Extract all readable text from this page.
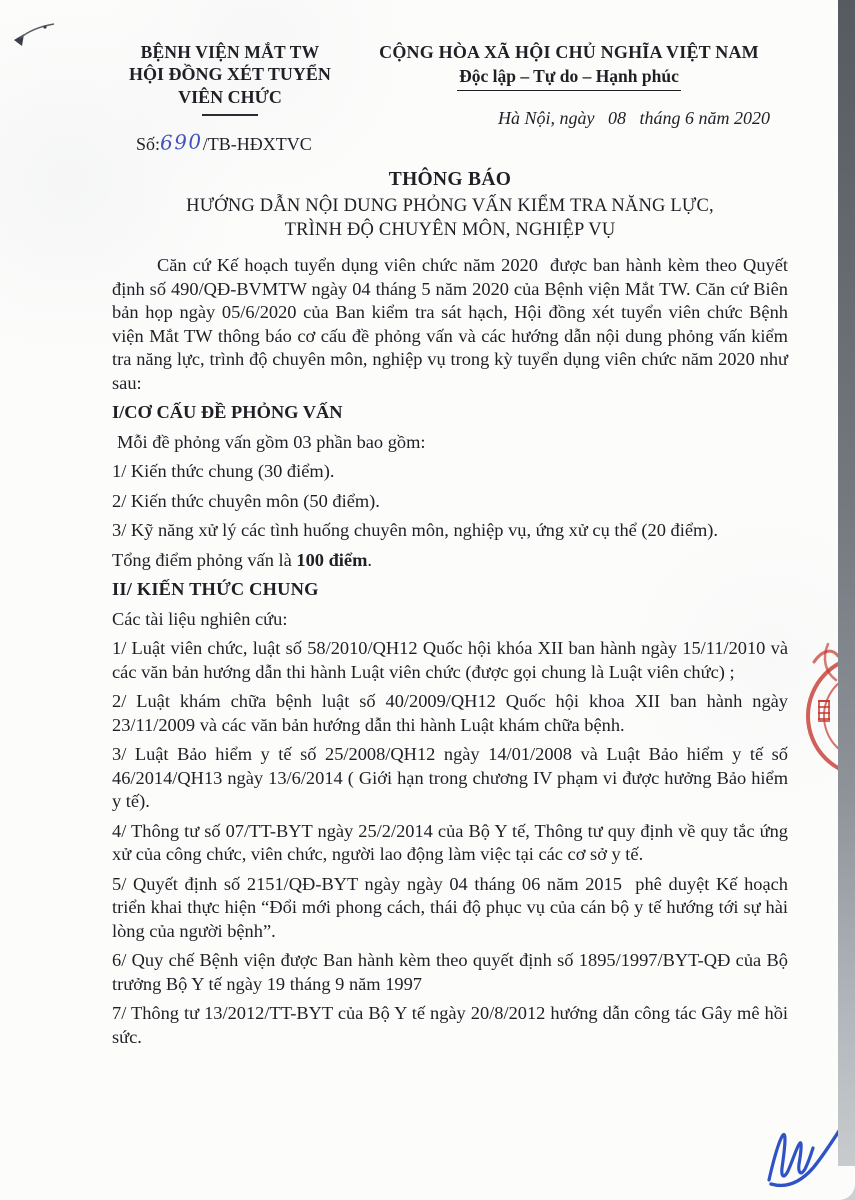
BỆNH VIỆN MẮT TW
HỘI ĐỒNG XÉT TUYỂN
VIÊN CHỨC
Số:690/TB-HĐXTVC
CỘNG HÒA XÃ HỘI CHỦ NGHĨA VIỆT NAM
Độc lập – Tự do – Hạnh phúc
Hà Nội, ngày   08   tháng 6 năm 2020
THÔNG BÁO
HƯỚNG DẪN NỘI DUNG PHỎNG VẤN KIỂM TRA NĂNG LỰC,
TRÌNH ĐỘ CHUYÊN MÔN, NGHIỆP VỤ

Căn cứ Kế hoạch tuyển dụng viên chức năm 2020  được ban hành kèm theo Quyết định số 490/QĐ-BVMTW ngày 04 tháng 5 năm 2020 của Bệnh viện Mắt TW. Căn cứ Biên bản họp ngày 05/6/2020 của Ban kiểm tra sát hạch, Hội đồng xét tuyển viên chức Bệnh viện Mắt TW thông báo cơ cấu đề phỏng vấn và các hướng dẫn nội dung phỏng vấn kiểm tra năng lực, trình độ chuyên môn, nghiệp vụ trong kỳ tuyển dụng viên chức năm 2020 như sau:

I/CƠ CẤU ĐỀ PHỎNG VẤN

Mỗi đề phỏng vấn gồm 03 phần bao gồm:

1/ Kiến thức chung (30 điểm).

2/ Kiến thức chuyên môn (50 điểm).

3/ Kỹ năng xử lý các tình huống chuyên môn, nghiệp vụ, ứng xử cụ thể (20 điểm).

Tổng điểm phỏng vấn là 100 điểm.

II/ KIẾN THỨC CHUNG

Các tài liệu nghiên cứu:

1/ Luật viên chức, luật số 58/2010/QH12 Quốc hội khóa XII ban hành ngày 15/11/2010 và các văn bản hướng dẫn thi hành Luật viên chức (được gọi chung là Luật viên chức) ;

2/ Luật khám chữa bệnh luật số 40/2009/QH12 Quốc hội khoa XII ban hành ngày 23/11/2009 và các văn bản hướng dẫn thi hành Luật khám chữa bệnh.

3/ Luật Bảo hiểm y tế số 25/2008/QH12 ngày 14/01/2008 và Luật Bảo hiểm y tế số 46/2014/QH13 ngày 13/6/2014 ( Giới hạn trong chương IV phạm vi được hưởng Bảo hiểm y tế).

4/ Thông tư số 07/TT-BYT ngày 25/2/2014 của Bộ Y tế, Thông tư quy định về quy tắc ứng xử của công chức, viên chức, người lao động làm việc tại các cơ sở y tế.

5/ Quyết định số 2151/QĐ-BYT ngày ngày 04 tháng 06 năm 2015  phê duyệt Kế hoạch triển khai thực hiện “Đổi mới phong cách, thái độ phục vụ của cán bộ y tế hướng tới sự hài lòng của người bệnh”.

6/ Quy chế Bệnh viện được Ban hành kèm theo quyết định số 1895/1997/BYT-QĐ của Bộ trưởng Bộ Y tế ngày 19 tháng 9 năm 1997

7/ Thông tư 13/2012/TT-BYT của Bộ Y tế ngày 20/8/2012 hướng dẫn công tác Gây mê hồi sức.
